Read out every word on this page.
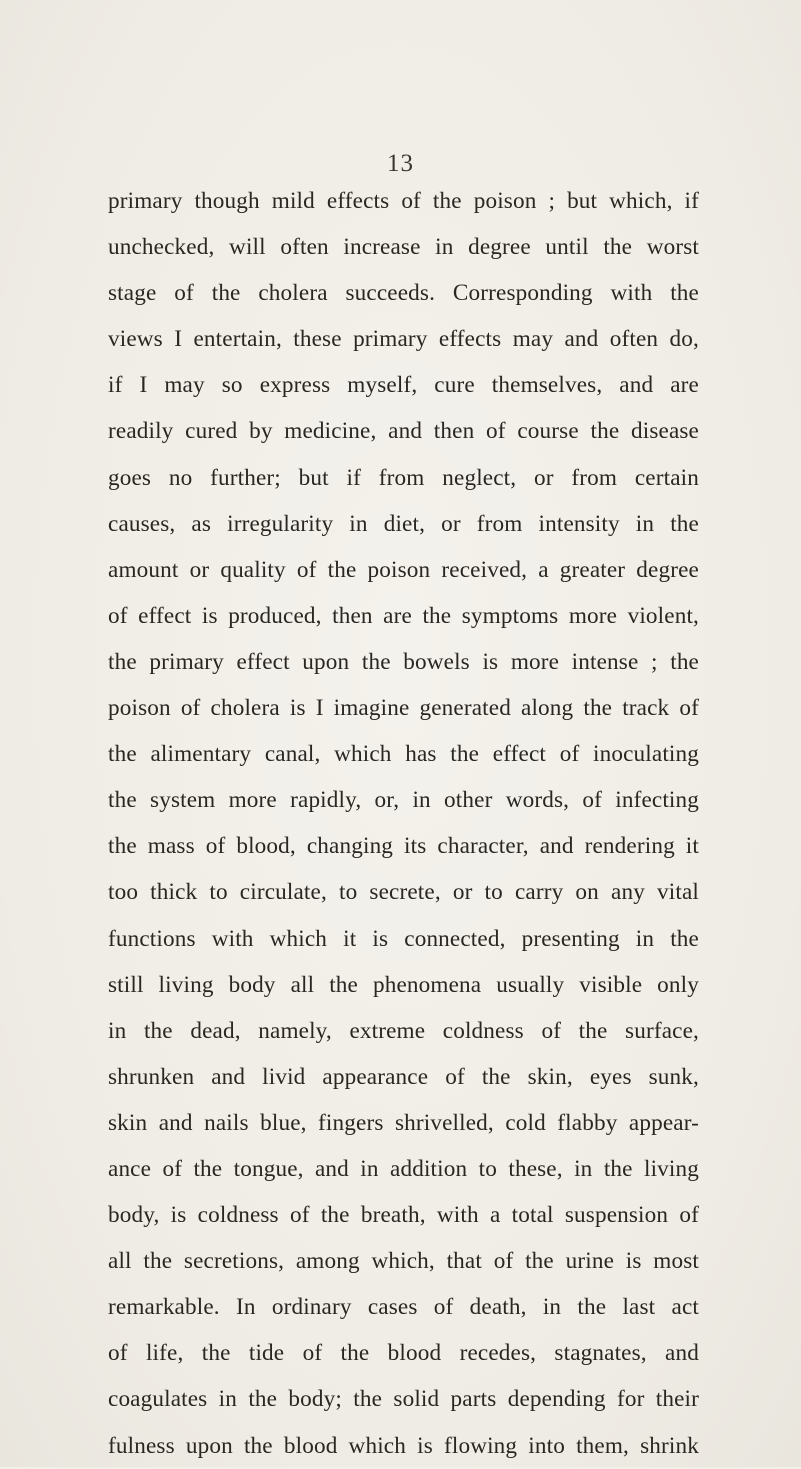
13
primary though mild effects of the poison ; but which, if
unchecked, will often increase in degree until the worst
stage of the cholera succeeds. Corresponding with the
views I entertain, these primary effects may and often do,
if I may so express myself, cure themselves, and are
readily cured by medicine, and then of course the disease
goes no further; but if from neglect, or from certain
causes, as irregularity in diet, or from intensity in the
amount or quality of the poison received, a greater degree
of effect is produced, then are the symptoms more violent,
the primary effect upon the bowels is more intense ; the
poison of cholera is I imagine generated along the track of
the alimentary canal, which has the effect of inoculating
the system more rapidly, or, in other words, of infecting
the mass of blood, changing its character, and rendering it
too thick to circulate, to secrete, or to carry on any vital
functions with which it is connected, presenting in the
still living body all the phenomena usually visible only
in the dead, namely, extreme coldness of the surface,
shrunken and livid appearance of the skin, eyes sunk,
skin and nails blue, fingers shrivelled, cold flabby appear-
ance of the tongue, and in addition to these, in the living
body, is coldness of the breath, with a total suspension of
all the secretions, among which, that of the urine is most
remarkable. In ordinary cases of death, in the last act
of life, the tide of the blood recedes, stagnates, and
coagulates in the body; the solid parts depending for their
fulness upon the blood which is flowing into them, shrink
